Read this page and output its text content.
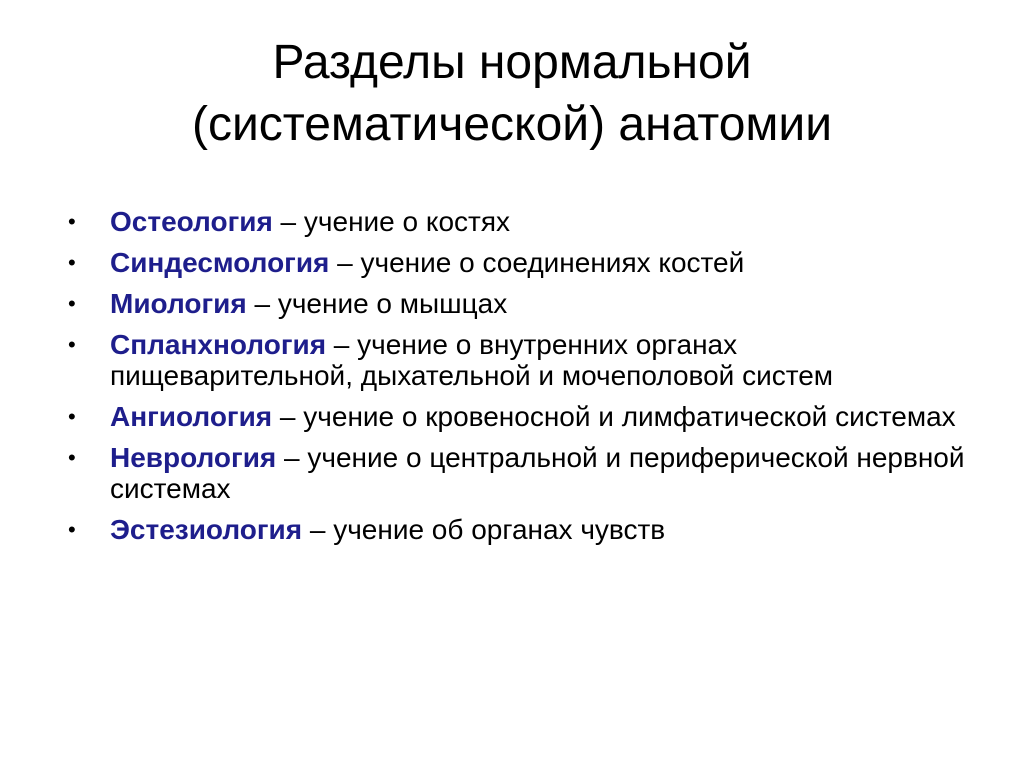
Разделы нормальной
(систематической) анатомии
•	Остеология – учение о костях
•	Синдесмология – учение о соединениях костей
•	Миология – учение о мышцах
•	Спланхнология – учение о внутренних органах пищеварительной, дыхательной и мочеполовой систем
•	Ангиология – учение о кровеносной и лимфатической системах
•	Неврология – учение о центральной и периферической нервной системах
•	Эстезиология – учение об органах чувств
